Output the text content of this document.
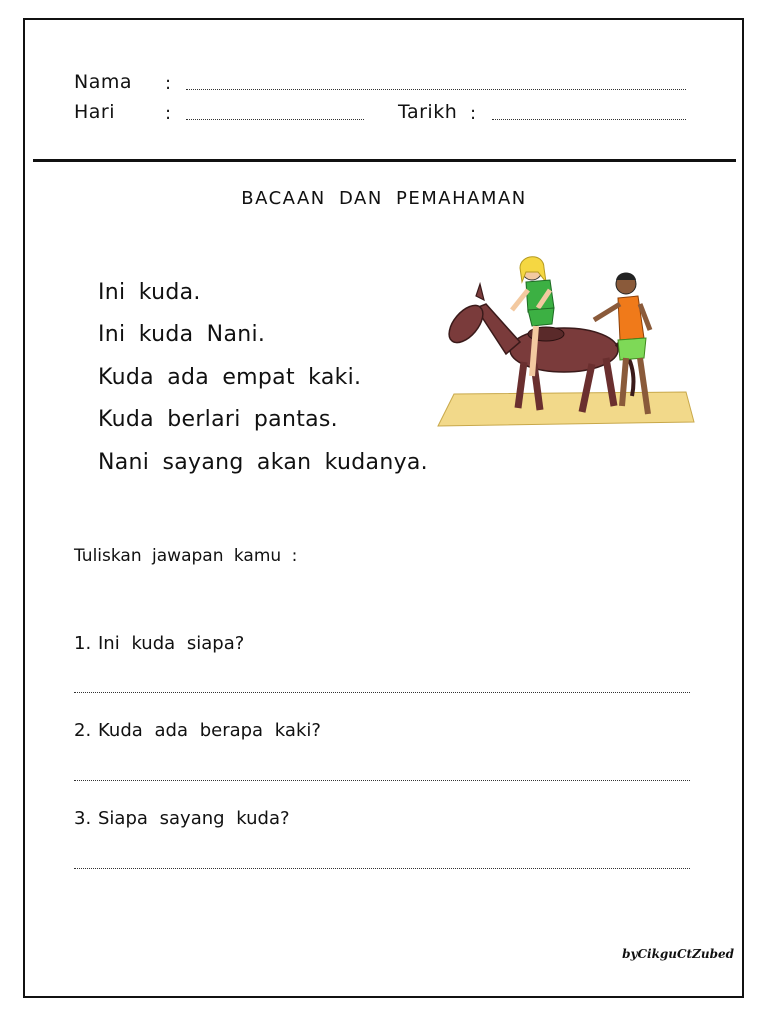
Nama :
Hari	:	Tarikh :
BACAAN DAN PEMAHAMAN
Ini kuda.
Ini kuda Nani.
Kuda ada empat kaki.
Kuda berlari pantas.
Nani sayang akan kudanya.
Tuliskan jawapan kamu :
1. Ini kuda siapa?
2. Kuda ada berapa kaki?
3. Siapa sayang kuda?
byCikguCtZubed
